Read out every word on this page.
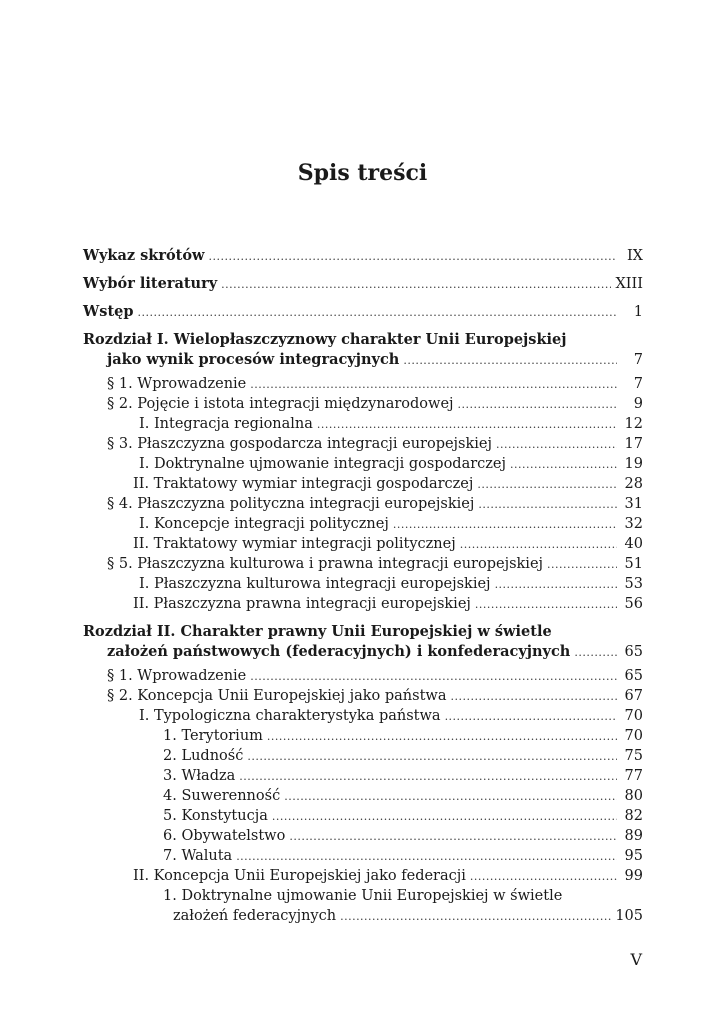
Spis treści
Wykaz skrótów .....	IX
Wybór literatury .....	XIII
Wstęp .....	1
Rozdział I. Wielopłaszczyznowy charakter Unii Europejskiej
jako wynik procesów integracyjnych .....	7
§ 1. Wprowadzenie .....	7
§ 2. Pojęcie i istota integracji międzynarodowej .....	9
I. Integracja regionalna .....	12
§ 3. Płaszczyzna gospodarcza integracji europejskiej .....	17
I. Doktrynalne ujmowanie integracji gospodarczej .....	19
II. Traktatowy wymiar integracji gospodarczej .....	28
§ 4. Płaszczyzna polityczna integracji europejskiej .....	31
I. Koncepcje integracji politycznej .....	32
II. Traktatowy wymiar integracji politycznej .....	40
§ 5. Płaszczyzna kulturowa i prawna integracji europejskiej .....	51
I. Płaszczyzna kulturowa integracji europejskiej .....	53
II. Płaszczyzna prawna integracji europejskiej .....	56
Rozdział II. Charakter prawny Unii Europejskiej w świetle
założeń państwowych (federacyjnych) i konfederacyjnych .....	65
§ 1. Wprowadzenie .....	65
§ 2. Koncepcja Unii Europejskiej jako państwa .....	67
I. Typologiczna charakterystyka państwa .....	70
1. Terytorium .....	70
2. Ludność .....	75
3. Władza .....	77
4. Suwerenność .....	80
5. Konstytucja .....	82
6. Obywatelstwo .....	89
7. Waluta .....	95
II. Koncepcja Unii Europejskiej jako federacji .....	99
1. Doktrynalne ujmowanie Unii Europejskiej w świetle
założeń federacyjnych .....	105
V
